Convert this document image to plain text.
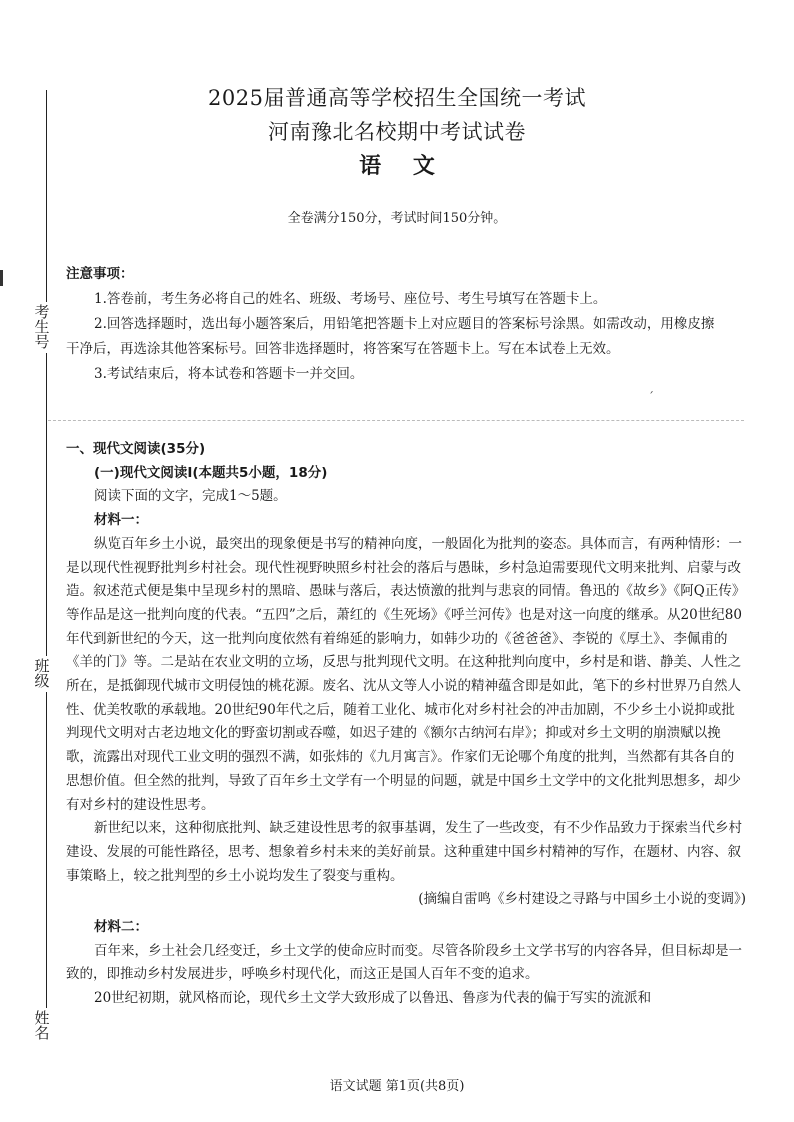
考生号
班级
姓名
2025届普通高等学校招生全国统一考试
河南豫北名校期中考试试卷
语 文
全卷满分150分，考试时间150分钟。

注意事项：

1.答卷前，考生务必将自己的姓名、班级、考场号、座位号、考生号填写在答题卡上。

2.回答选择题时，选出每小题答案后，用铅笔把答题卡上对应题目的答案标号涂黑。如需改动，用橡皮擦干净后，再选涂其他答案标号。回答非选择题时，将答案写在答题卡上。写在本试卷上无效。

3.考试结束后，将本试卷和答题卡一并交回。

ˊ

一、现代文阅读(35分)

(一)现代文阅读Ⅰ(本题共5小题，18分)

阅读下面的文字，完成1～5题。

材料一：

纵览百年乡土小说，最突出的现象便是书写的精神向度，一般固化为批判的姿态。具体而言，有两种情形：一是以现代性视野批判乡村社会。现代性视野映照乡村社会的落后与愚昧，乡村急迫需要现代文明来批判、启蒙与改造。叙述范式便是集中呈现乡村的黑暗、愚昧与落后，表达愤激的批判与悲哀的同情。鲁迅的《故乡》《阿Q正传》等作品是这一批判向度的代表。“五四”之后，萧红的《生死场》《呼兰河传》也是对这一向度的继承。从20世纪80年代到新世纪的今天，这一批判向度依然有着绵延的影响力，如韩少功的《爸爸爸》、李锐的《厚土》、李佩甫的《羊的门》等。二是站在农业文明的立场，反思与批判现代文明。在这种批判向度中，乡村是和谐、静美、人性之所在，是抵御现代城市文明侵蚀的桃花源。废名、沈从文等人小说的精神蕴含即是如此，笔下的乡村世界乃自然人性、优美牧歌的承载地。20世纪90年代之后，随着工业化、城市化对乡村社会的冲击加剧，不少乡土小说抑或批判现代文明对古老边地文化的野蛮切割或吞噬，如迟子建的《额尔古纳河右岸》；抑或对乡土文明的崩溃赋以挽歌，流露出对现代工业文明的强烈不满，如张炜的《九月寓言》。作家们无论哪个角度的批判，当然都有其各自的思想价值。但全然的批判，导致了百年乡土文学有一个明显的问题，就是中国乡土文学中的文化批判思想多，却少有对乡村的建设性思考。

新世纪以来，这种彻底批判、缺乏建设性思考的叙事基调，发生了一些改变，有不少作品致力于探索当代乡村建设、发展的可能性路径，思考、想象着乡村未来的美好前景。这种重建中国乡村精神的写作，在题材、内容、叙事策略上，较之批判型的乡土小说均发生了裂变与重构。

(摘编自雷鸣《乡村建设之寻路与中国乡土小说的变调》)

材料二：

百年来，乡土社会几经变迁，乡土文学的使命应时而变。尽管各阶段乡土文学书写的内容各异，但目标却是一致的，即推动乡村发展进步，呼唤乡村现代化，而这正是国人百年不变的追求。

20世纪初期，就风格而论，现代乡土文学大致形成了以鲁迅、鲁彦为代表的偏于写实的流派和

语文试题 第1页(共8页)
